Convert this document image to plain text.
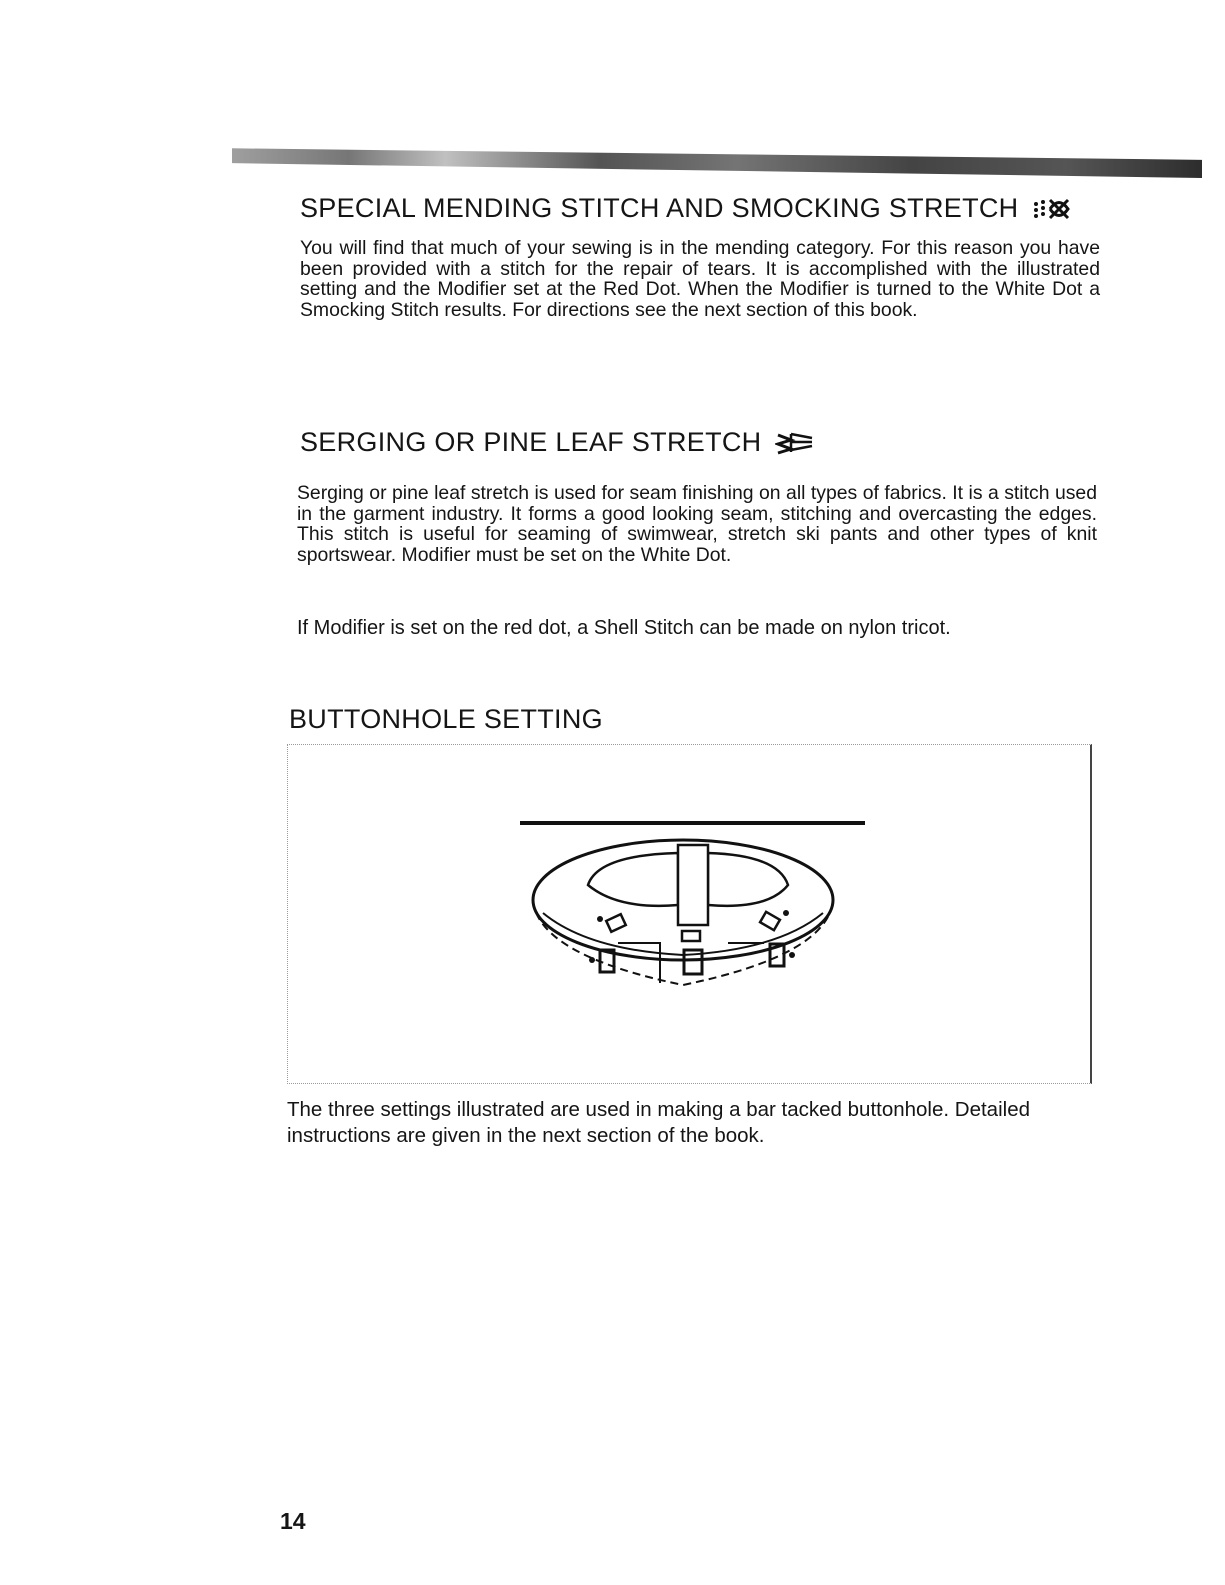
SPECIAL MENDING STITCH AND SMOCKING STRETCH

You will find that much of your sewing is in the mending category. For this reason you have been provided with a stitch for the repair of tears. It is accomplished with the illustrated setting and the Modifier set at the Red Dot. When the Modifier is turned to the White Dot a Smocking Stitch results. For directions see the next section of this book.

SERGING OR PINE LEAF STRETCH

Serging or pine leaf stretch is used for seam finishing on all types of fabrics. It is a stitch used in the garment industry. It forms a good looking seam, stitching and overcasting the edges. This stitch is useful for seaming of swimwear, stretch ski pants and other types of knit sportswear. Modifier must be set on the White Dot.

If Modifier is set on the red dot, a Shell Stitch can be made on nylon tricot.

BUTTONHOLE SETTING

The three settings illustrated are used in making a bar tacked buttonhole. Detailed instructions are given in the next section of the book.

14
